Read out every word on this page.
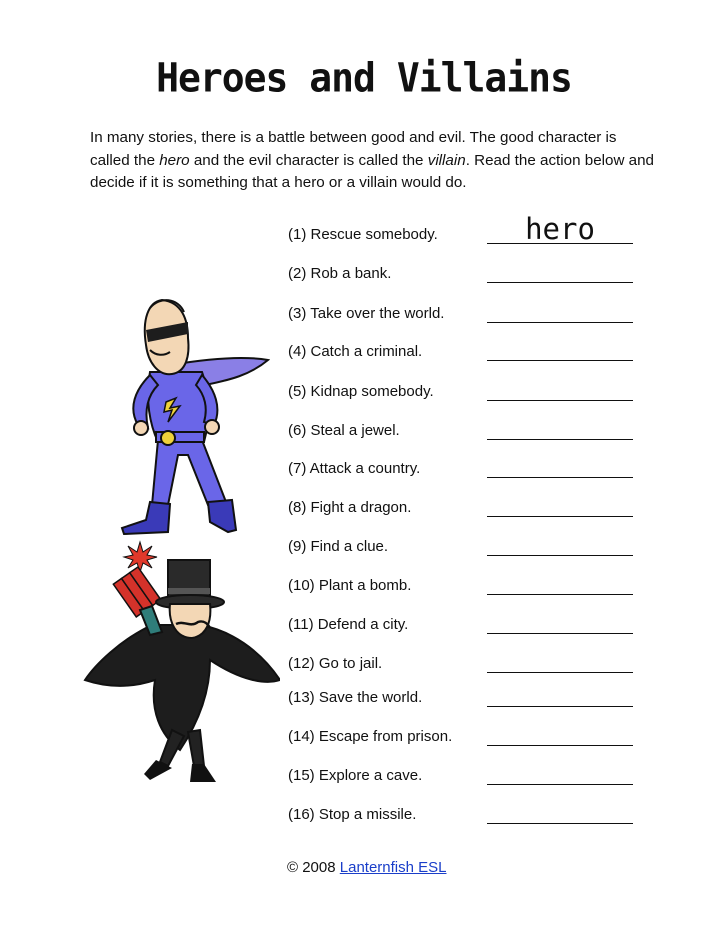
Heroes and Villains
In many stories, there is a battle between good and evil. The good character is called the hero and the evil character is called the villain. Read the action below and decide if it is something that a hero or a villain would do.
(1) Rescue somebody.	hero
(2) Rob a bank.
(3) Take over the world.
(4) Catch a criminal.
(5) Kidnap somebody.
(6) Steal a jewel.
(7) Attack a country.
(8) Fight a dragon.
(9) Find a clue.
(10) Plant a bomb.
(11) Defend a city.
(12) Go to jail.
(13) Save the world.
(14) Escape from prison.
(15) Explore a cave.
(16) Stop a missile.
© 2008 Lanternfish ESL
